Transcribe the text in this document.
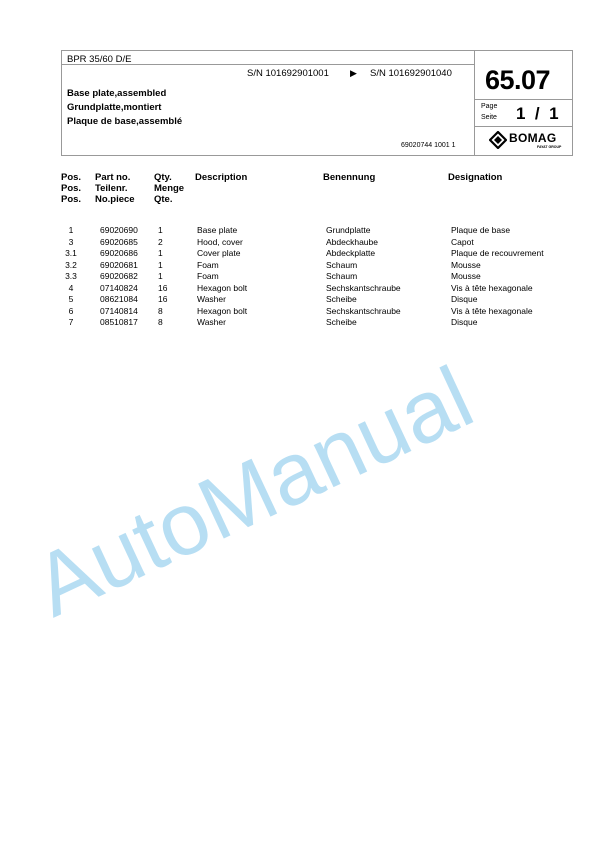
BPR 35/60 D/E
S/N 101692901001 ▶ S/N 101692901040
Base plate,assembled
Grundplatte,montiert
Plaque de base,assemblé
69020744 1001 1
65.07
Page
Seite 1  /  1
BOMAG
FAYAT GROUP
Pos.
Pos.
Pos.
Part no.
Teilenr.
No.piece
Qty.
Menge
Qte.
Description	Benennung	Designation
1	69020690 1	Base plate	Grundplatte	Plaque de base
3	69020685 2	Hood, cover	Abdeckhaube	Capot
3.1	69020686 1	Cover plate	Abdeckplatte	Plaque de recouvrement
3.2	69020681 1	Foam	Schaum	Mousse
3.3	69020682 1	Foam	Schaum	Mousse
4	07140824 16	Hexagon bolt	Sechskantschraube	Vis à tête hexagonale
5	08621084 16	Washer	Scheibe	Disque
6	07140814 8	Hexagon bolt	Sechskantschraube	Vis à tête hexagonale
7	08510817 8	Washer	Scheibe	Disque
AutoManual
